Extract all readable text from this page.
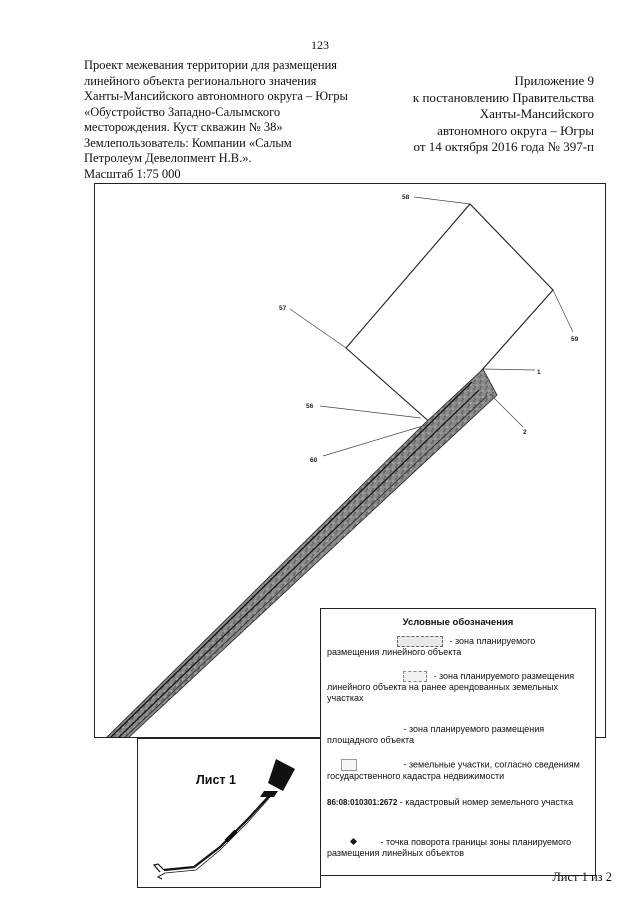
123
Проект межевания территории для размещения
линейного объекта регионального значения
Ханты-Мансийского автономного округа – Югры
«Обустройство Западно-Салымского
месторождения. Куст скважин № 38»
Землепользователь: Компании «Салым
Петролеум Девелопмент Н.В.».
Масштаб 1:75 000
Приложение 9
к постановлению Правительства
Ханты-Мансийского
автономного округа – Югры
от 14 октября 2016 года № 397-п
58
57
59
1
56
2
60
Условные обозначения
- зона планируемого размещения линейного объекта
- зона планируемого размещения линейного объекта на ранее арендованных земельных участках
- зона планируемого размещения площадного объекта
- земельные участки, согласно сведениям государственного кадастра недвижимости
86:08:010301:2672 - кадастровый номер земельного участка
- точка поворота границы зоны планируемого размещения линейных объектов
Лист 1
Лист 1 из 2
